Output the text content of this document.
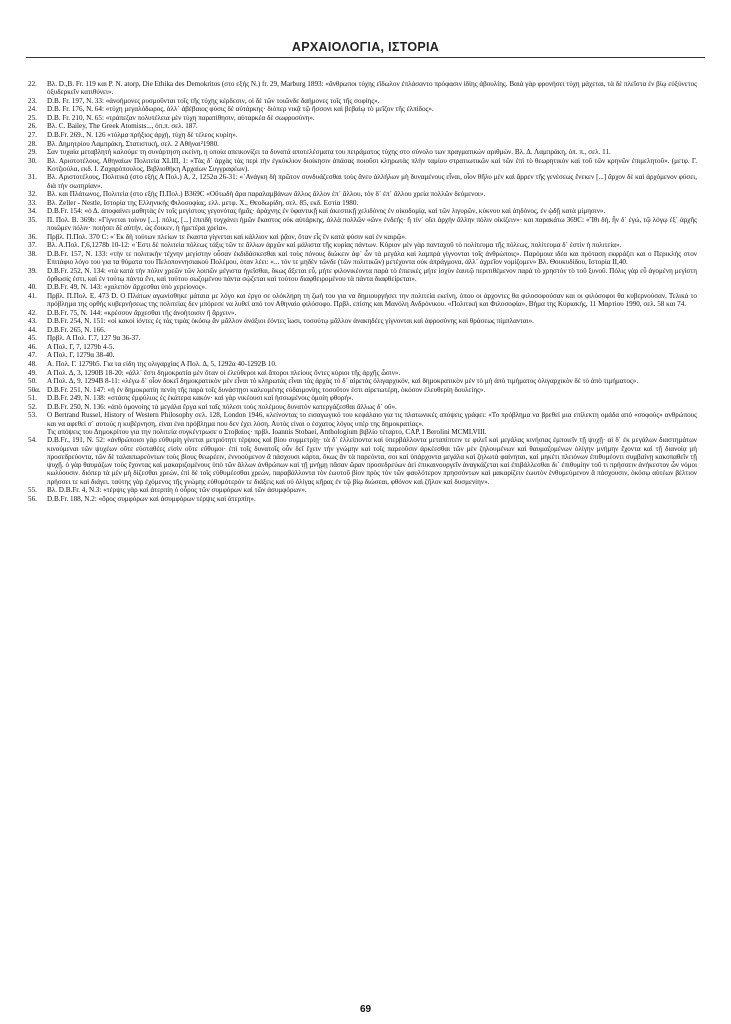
ΑΡΧΑΙΟΛΟΓΙΑ, ΙΣΤΟΡΙΑ
22.	Βλ. D.,B. Fr. 119 και P. N. atorp, Die Ethika des Demokritos (στο εξής N.) fr. 29, Marburg 1893: «ἄνθρωποι τύχης εἴδωλον ἐπλάσαντο πρόφασιν ἰδίης ἀβουλίης. Βαιὰ γὰρ φρονήσει τύχη μάχεται, τὰ δὲ πλεῖστα ἐν βίῳ εὐξύνετος ὀξυδερκεῖν κατιθύνει».

23.	D.B. Fr. 197, N. 33: «ἀνοήμονες ρυσμοῦνται τοῖς τῆς τύχης κέρδεσιν, οἱ δὲ τῶν τοιῶνδε δαήμονες τοῖς τῆς σοφίης».

24.	D.B. Fr. 176, N. 64: «τύχη μεγαλόδωρος, ἀλλ᾽ ἀβέβαιος φύσις δὲ αὐτάρκης· διόπερ νικᾷ τῷ ἥσσονι καὶ βεβαίῳ τὸ μεῖζον τῆς ἐλπίδος».

25.	D.B. Fr. 210, N. 65: «τράπεζαν πολυτέλεια μὲν τύχη παρατίθησιν, αὐταρκέα δὲ σωφροσύνη».

26.	Βλ. C. Bailey, The Greek Atomists..., ὀπ.π. σελ. 187.

27.	D.B.Fr. 269., N. 126 «τόλμα πρήξιος ἀρχή, τύχη δὲ τέλεος κυρίη».

28.	Βλ. Δημητρίου Λαμπράκη, Στατιστική, σελ. 2 Αθήναι²1980.

29.	Σαν τυχαία μεταβλητή καλούμε τη συνάρτηση εκείνη, η οποία απεικονίζει τα δυνατά αποτελέσματα του πειράματος τύχης στο σύνολο των πραγματικών αριθμών. Βλ. Δ. Λαμπράκη, όπ. π., σελ. 11.

30.	Βλ. Αριστοτέλους, Αθηναίων Πολιτεία XLIII, 1: «Τὰς δ᾽ ἀρχὰς τὰς περὶ τὴν ἐγκύκλιον διοίκησιν ἁπάσας ποιοῦσι κληρωτὰς πλὴν ταμίου στρατιωτικῶν καὶ τῶν ἐπὶ τὸ θεωρητικὸν καὶ τοῦ τῶν κρηνῶν ἐπιμελητοῦ». (μετφ. Γ. Κοτζιούλα, εκδ. Ι. Ζαχαρόπουλος, Βιβλιοθήκη Αρχαίων Συγγραφέων).

31.	Βλ. Αριστοτέλους, Πολιτικά (στο εξής Α Πολ.) Α, 2, 1252α 26-31: «᾽Ανάγκη δὴ πρῶτον συνδυάζεσθαι τοὺς ἄνευ ἀλλήλων μὴ δυναμένους εἶναι, οἷον θῆλυ μὲν καὶ ἄρρεν τῆς γενέσεως ἕνεκεν [...] ἄρχον δὲ καὶ ἀρχόμενον φύσει, διὰ τὴν σωτηρίαν».

32.	Βλ. και Πλάτωνος, Πολιτεία (στο εξής Π.Πολ.) B369C «Οὕτωδὴ ἄρα παραλαμβάνων ἄλλος ἄλλον ἐπ᾽ ἄλλου, τὸν δ᾽ ἐπ᾽ ἄλλου χρεία πολλῶν δεόμενοι».

33.	Βλ. Zeller - Nestle, Ιστορία της Ελληνικής Φιλοσοφίας, ελλ. μετφ. Χ., Θεοδωρίδη, σελ. 85, εκδ. Εστία 1980.

34.	D.B.Fr. 154: «ὁ Δ. ἀποφαίνει μαθητὰς ἐν τοῖς μεγίστοις γεγονότας ἡμᾶς· ἀράχνης ἐν ὑφαντικῇ καὶ ἀκεστικῇ χελιδόνος ἐν οἰκοδομίᾳ, καὶ τῶν λιγυρῶν, κύκνου καὶ ἀηδόνος, ἐν ᾠδῇ κατὰ μίμησιν».

35.	Π. Πολ. B. 369b: «Γίγνεται τοίνυν [...]. πόλις, [...] ἐπειδὴ τυγχάνει ἡμῶν ἕκαστος οὐκ αὐτάρκης, ἀλλὰ πολλῶν «ὢν» ἐνδεής· ἤ τίν᾽ οἴει ἀρχὴν ἄλλην πόλιν οἰκίζειν»· και παρακάτω 369C: «Ἴθι δή, ἦν δ᾽ ἐγώ, τῷ λόγῳ ἐξ᾽ ἀρχῆς ποιῶμεν πόλιν· ποιήσει δὲ αὐτήν, ὡς ἔοικεν, ἡ ἡμετέρα χρεία».

36.	Πρβλ. Π.Πολ. 370 C: «᾽Εκ δὴ τούτων πλείων τε ἕκαστα γίγνεται καὶ κάλλιον καὶ ῥᾷον, ὅταν εἷς ἓν κατὰ φύσιν καὶ ἐν καιρῷ».

37.	Βλ. Α.Πολ. Γ,6,1278b 10-12: «᾽Εστι δὲ πολιτεία πόλεως τάξις τῶν τε ἄλλων ἀρχῶν καὶ μάλιστα τῆς κυρίας πάντων. Κύριον μὲν γὰρ πανταχοῦ τὸ πολίτευμα τῆς πόλεως, πολίτευμα δ᾽ ἐστὶν ἡ πολιτεία».

38.	D.B.Fr. 157, N. 133: «τὴν τε πολιτικὴν τέχνην μεγίστην οὖσαν ἐκδιδάσκεσθαι καὶ τοὺς πόνους διώκειν ἀφ᾽ ὧν τὰ μεγάλα καὶ λαμπρὰ γίγνονται τοῖς ἀνθρώποις». Παρόμοια ιδέα και πρόταση εκφράζει και ο Περικλής στον Επιτάφιο λόγο του για τα θύματα του Πελοποννησιακού Πολέμου, όταν λέει: «... τόν τε μηδὲν τῶνδε (τῶν πολιτικῶν) μετέχοντα οὐκ ἀπράγμονα, ἀλλ᾽ ἀχρεῖον νομίζομεν» Βλ. Θουκυδίδου, Ιστορία ΙΙ,40.

39.	D.B.Fr. 252, N. 134: «τὰ κατὰ τὴν πόλιν χρεῶν τῶν λοιπῶν μέγιστα ἡγεῖσθαι, ὅκως ἄξεται εὖ, μήτε φιλονικέοντα παρὰ τὸ ἐπιεικὲς μήτε ἰσχὺν ἑαυτῷ περιτιθέμενον παρὰ τὸ χρηστὸν τὸ τοῦ ξυνοῦ. Πόλις γὰρ εὖ ἀγομένη μεγίστη ὄρθωσίς ἐστι, καὶ ἐν τούτῳ πάντα ἔνι, καὶ τούτου σωζομένου πάντα σῴζεται καὶ τούτου διαφθειρομένου τὰ πάντα διαφθείρεται».

40.	D.B.Fr. 49, N. 143: «χαλεπὸν ἄρχεσθαι ὑπὸ χερείονος».

41.	Πρβλ. Π.Πολ. Ε. 473 D. Ο Πλάτων αγωνίσθηκε μάταια με λόγο και έργο σε ολόκληρη τη ζωή του για να δημιουργήσει την πολιτεία εκείνη, όπου οι άρχοντες θα φιλοσοφούσαν και οι φιλόσοφοι θα κυβερνούσαν. Τελικά το πρόβλημα της ορθής κυβερνήσεως της πολιτείας δεν μπόρεσε να λυθεί από τον Αθηναίο φιλόσοφο. Πρβλ. επίσης και Μανόλη Ανδρόνικου. «Πολιτική και Φιλοσοφία», Βήμα της Κυριακής, 11 Μαρτίου 1990, σελ. 58 και 74.

42.	D.B.Fr. 75, N. 144: «κρέσσον ἄρχεσθαι τῆς ἀνοήτοισιν ἢ ἄρχειν».

43.	D.B.Fr. 254, N. 151: «οἱ κακοὶ ἰόντες ἐς τὰς τιμὰς ὁκόσῳ ἂν μᾶλλον ἀνάξιοι ἐόντες ἴωσι, τοσούτῳ μᾶλλον ἀνακηδέες γίγνονται καὶ ἀφροσύνης καὶ θράσεως πίμπλανται».

44.	D.B.Fr. 265, N. 166.

45.	Πρβλ. Α Πολ. Γ.7, 127 9α 36-37.

46.	Α Πολ. Γ, 7, 1279b 4-5.

47.	Α Πολ. Γ, 1279α 38-40.

48.	Α. Πολ. Γ. 1279b5. Για τα είδη της ολιγαρχίας Α Πολ. Δ, 5, 1292α 40-1292Β 10.

49.	Α Πολ. Δ, 3, 1290Β 18-20: «ἀλλ᾽ ἔστι δημοκρατία μὲν ὅταν οἱ ἐλεύθεροι καὶ ἄποροι πλείους ὄντες κύριοι τῆς ἀρχῆς ὦσιν».

50.	Α Πολ. Δ, 9. 1294Β 8-11: «λέγω δ᾽ οἷον δοκεῖ δημοκρατικὸν μὲν εἶναι τὸ κληρωτὰς εἶναι τὰς ἀρχὰς τὸ δ᾽ αἱρετὰς ὀλιγαρχικόν, καὶ δημοκρατικὸν μὲν τὸ μὴ ἀπὸ τιμήματος ὀλιγαρχικὸν δὲ τὸ ἀπὸ τιμήματος».

50α. D.B.Fr. 251, N. 147: «ἡ ἐν δημοκρατίη πενίη τῆς παρὰ τοῖς δυνάστῃσι καλεομένης εὐδαιμονίης τοσοῦτον ἐστι αἱρετωτέρη, ὁκόσον ἐλευθερίη δουλείης».

51.	D.B.Fr. 249, N. 138: «στάσις ἐμφύλιος ἐς ἑκάτερα κακόν· καὶ γὰρ νικέουσι καὶ ἡσσωμένοις ὁμοίη φθορή».

52.	D.B.Fr. 250, N. 136: «ἀπὸ ὁμονοίης τὰ μεγάλα ἔργα καὶ ταῖς πόλεσι τοὺς πολέμους δυνατὸν κατεργάζεσθαι ἄλλως δ᾽ οὔ».

53.	Ο Bertrand Russel, History of Western Philosophy σελ. 128, London 1946, κλείνοντας το εισαγωγικό του κεφάλαιο για τις πλατωνικές απόψεις γράφει: «Το πρόβλημα να βρεθεί μια επίλεκτη ομάδα από «σοφούς» ανθρώπους και να αφεθεί σ᾽ αυτούς η κυβέρνηση, είναι ένα πρόβλημα που δεν έχει λύση. Αυτός είναι ο έσχατος λόγος υπέρ της δημοκρατίας».

Τις απόψεις του Δημοκρίτου για την πολιτεία συγκέντρωσε ο Στοβαίος· πρβλ. Ioannis Stobaei, Anthologium βιβλίο τέταρτο, CAP. I Berolini MCMLVIII.

54.	D.B.Fr., 191, N. 52: «ἀνθρώποισι γὰρ εὐθυμίη γίνεται μετριότητι τέρψιος καὶ βίου συμμετρίῃ· τὰ δ᾽ ἐλλείποντα καὶ ὑπερβάλλοντα μεταπίπτειν τε φιλεῖ καὶ μεγάλας κινήσιας ἐμποιεῖν τῇ ψυχῇ· αἱ δ᾽ ἐκ μεγάλων διαστημάτων κινούμεναι τῶν ψυχέων οὔτε εὐσταθέες εἰσὶν οὔτε εὔθυμοι· ἐπὶ τοῖς δυνατοῖς οὖν δεῖ ἔχειν τὴν γνώμην καὶ τοῖς παρεοῦσιν ἀρκέεσθαι τῶν μὲν ζηλουμένων καὶ θαυμαζομένων ὀλίγην μνήμην ἔχοντα καὶ τῇ διανοίᾳ μὴ προσεδρεύοντα, τῶν δὲ ταλαιπωρεόντων τοὺς βίους θεωρέειν, ἐννοούμενον ἃ πάσχουσι κάρτα, ὅκως ἂν τὰ παρεόντα, σοι καὶ ὑπάρχοντα μεγάλα καὶ ζηλωτὰ φαίνηται, καὶ μηκέτι πλειόνων ἐπιθυμέοντι συμβαίνῃ κακοπαθεῖν τῇ ψυχῇ. ὁ γὰρ θαυμάζων τοὺς ἔχοντας καὶ μακαριζομένους ὑπὸ τῶν ἄλλων ἀνθρώπων καὶ τῇ μνήμῃ πᾶσαν ὥραν προσεδρεύων ἀεὶ ἐπικαινουργεῖν ἀναγκάζεται καὶ ἐπιβάλλεσθαι δι᾽ ἐπιθυμίην τοῦ τι πρήσσειν ἀνήκεστον ὧν νόμοι κωλύουσιν. διόπερ τὰ μὲν μὴ δίζεσθαι χρεών, ἐπὶ δὲ τοῖς εὐθυμέεσθαι χρεών, παραβάλλοντα τὸν ἑωυτοῦ βίον πρὸς τὸν τῶν φαυλότερον πρησσόντων καὶ μακαρίζειν ἑωυτὸν ἐνθυμεύμενον ἃ πάσχουσιν, ὁκόσῳ αὐτέων βέλτιον πρήσσει τε καὶ διάγει. ταύτης γὰρ ἐχόμενος τῆς γνώμης εὐθυμότερόν τε διάξεις καὶ οὐ ὀλίγας κῆρας ἐν τῷ βίῳ διώσεαι, φθόνον καὶ ζῆλον καὶ δυσμενίην».

55.	Βλ. D.B.Fr. 4, N.3: «τέρψις γὰρ καὶ ἀτερπίη ὁ οὖρος τῶν συμφόρων καὶ τῶν ἀσυμφόρων».

56.	D.B.Fr. 188, N.2: «ὅρος συμφόρων καὶ ἀσυμφόρων τέρψις καὶ ἀτερπίη».

69
